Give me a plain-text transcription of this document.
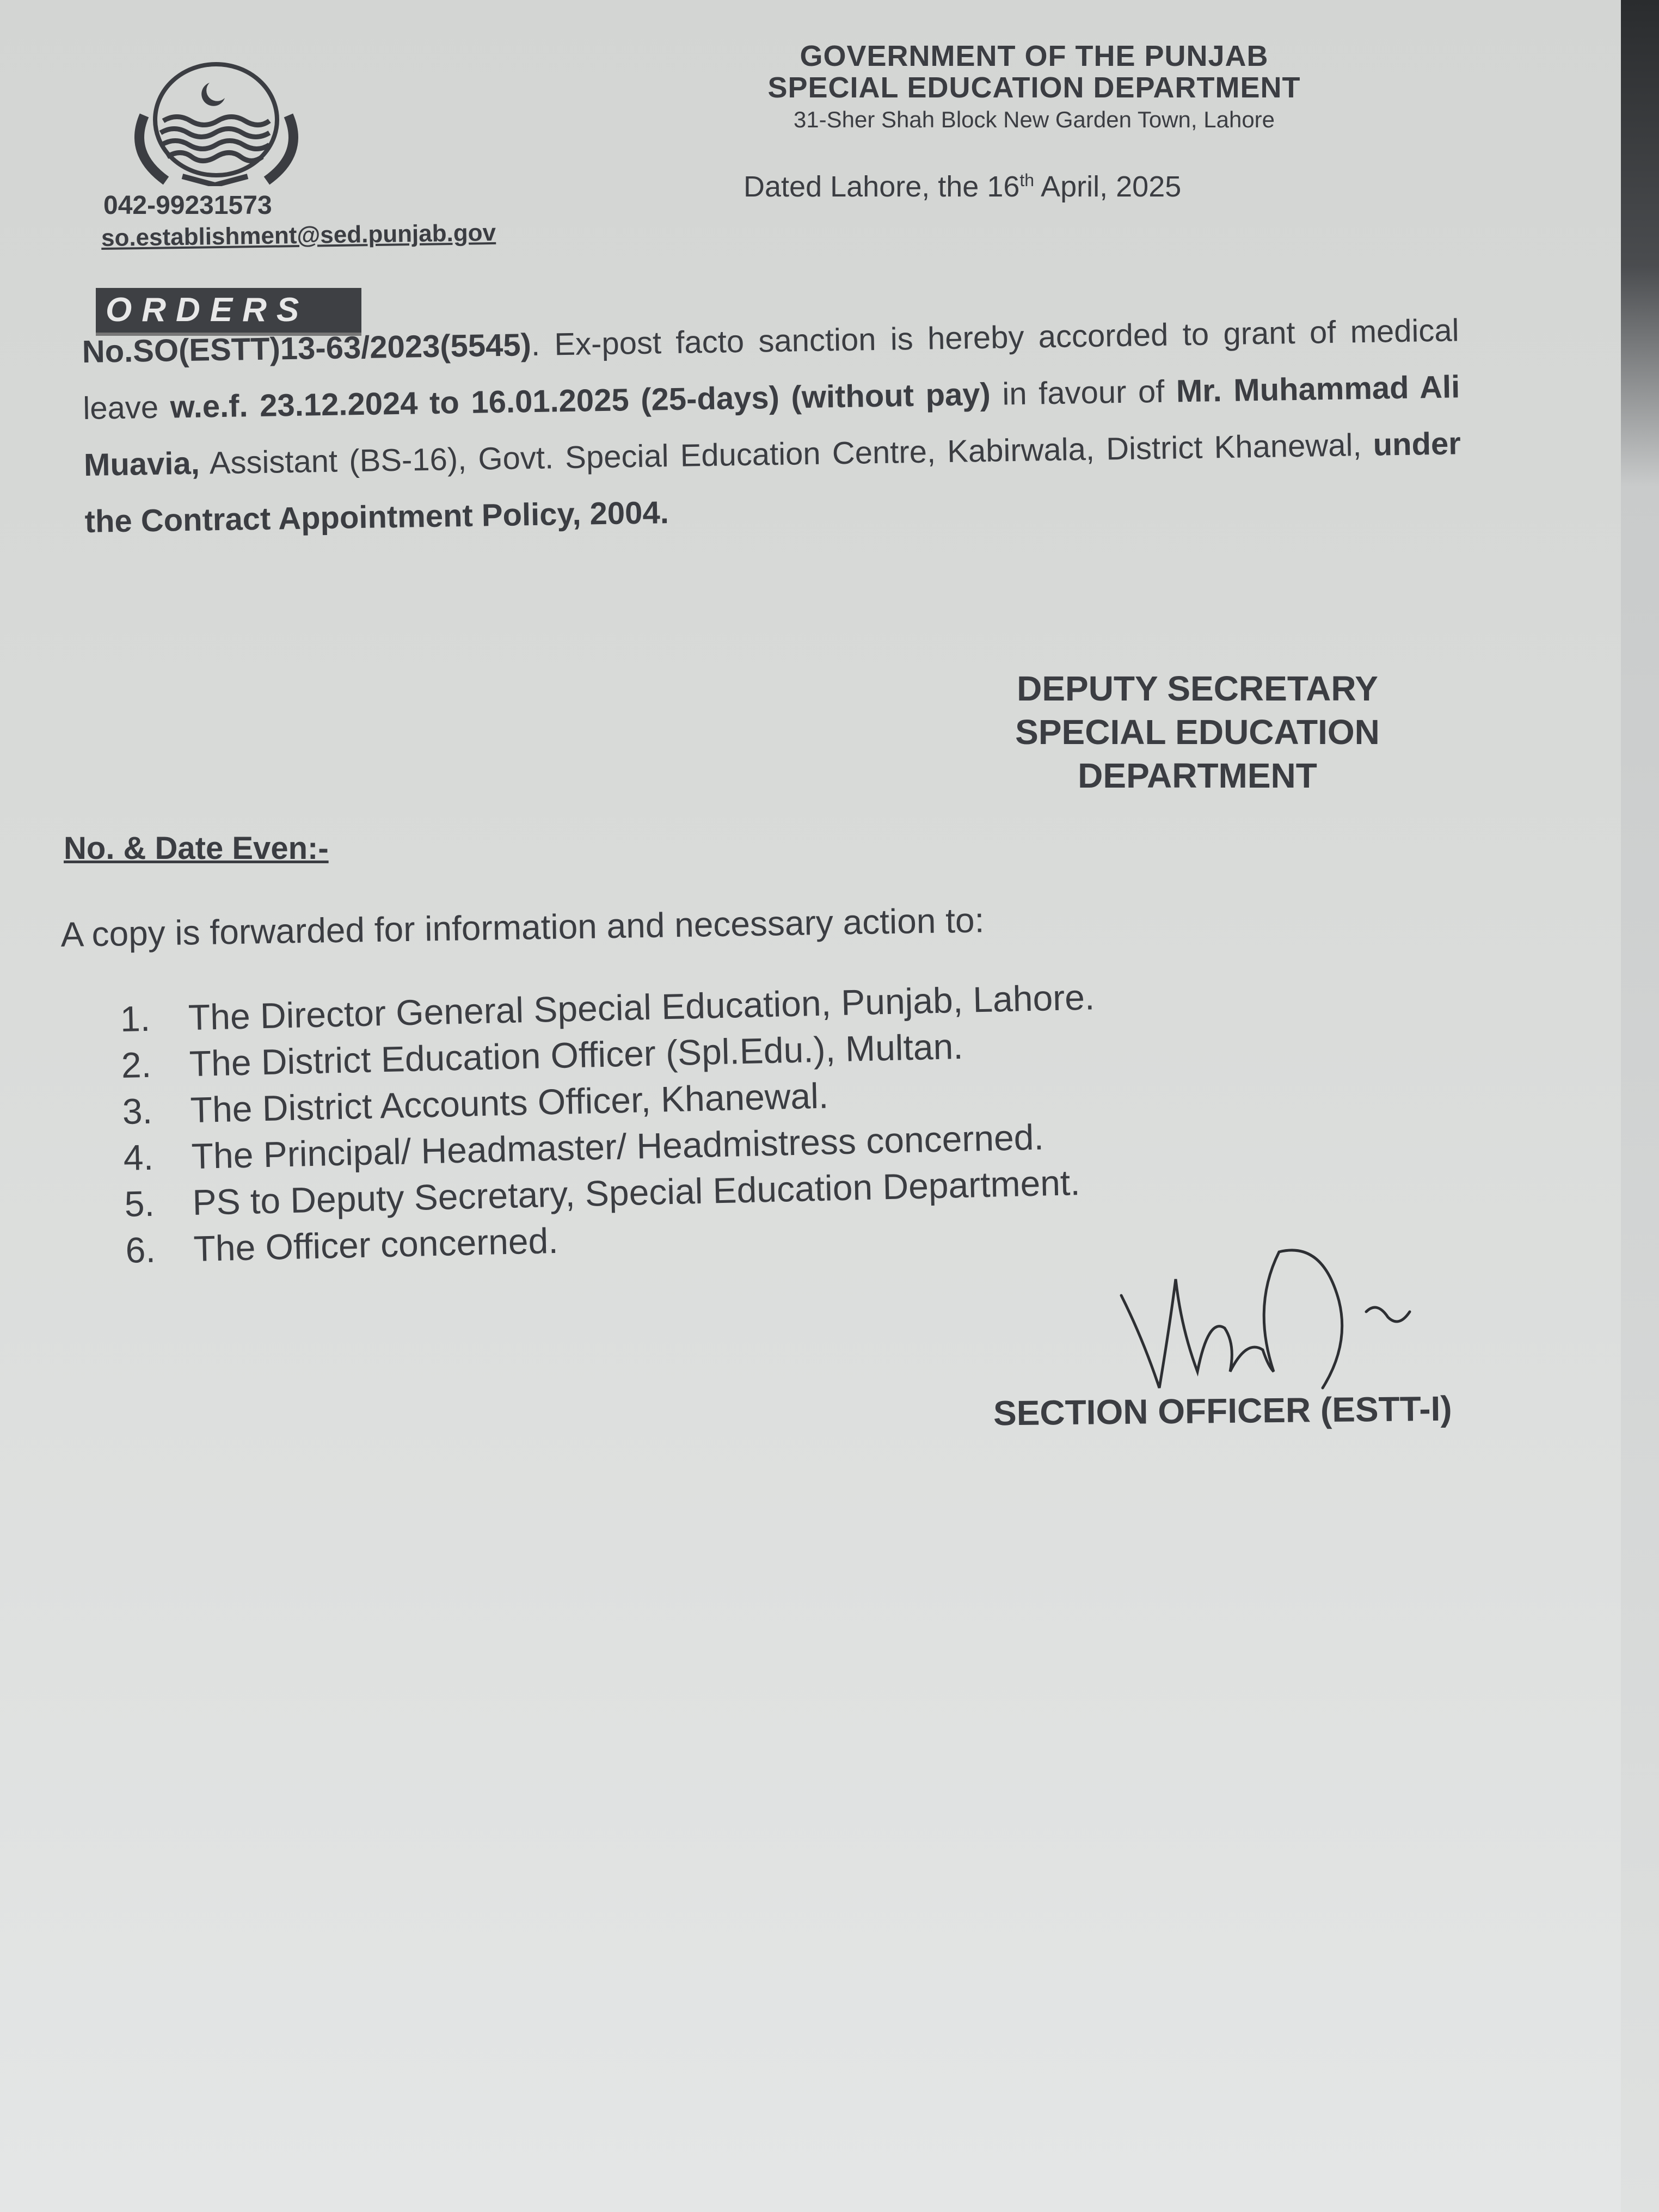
GOVERNMENT OF THE PUNJAB
SPECIAL EDUCATION DEPARTMENT
31-Sher Shah Block New Garden Town, Lahore
Dated Lahore, the 16th April, 2025
042-99231573
so.establishment@sed.punjab.gov
ORDERS
No.SO(ESTT)13-63/2023(5545). Ex-post facto sanction is hereby accorded to grant of medical leave w.e.f. 23.12.2024 to 16.01.2025 (25-days) (without pay) in favour of Mr. Muhammad Ali Muavia, Assistant (BS-16), Govt. Special Education Centre, Kabirwala, District Khanewal, under the Contract Appointment Policy, 2004.
DEPUTY SECRETARY
SPECIAL EDUCATION
DEPARTMENT
No. & Date Even:-
A copy is forwarded for information and necessary action to:
1.	The Director General Special Education, Punjab, Lahore.
2.	The District Education Officer (Spl.Edu.), Multan.
3.	The District Accounts Officer, Khanewal.
4.	The Principal/ Headmaster/ Headmistress concerned.
5.	PS to Deputy Secretary, Special Education Department.
6.	The Officer concerned.
SECTION OFFICER (ESTT-I)
